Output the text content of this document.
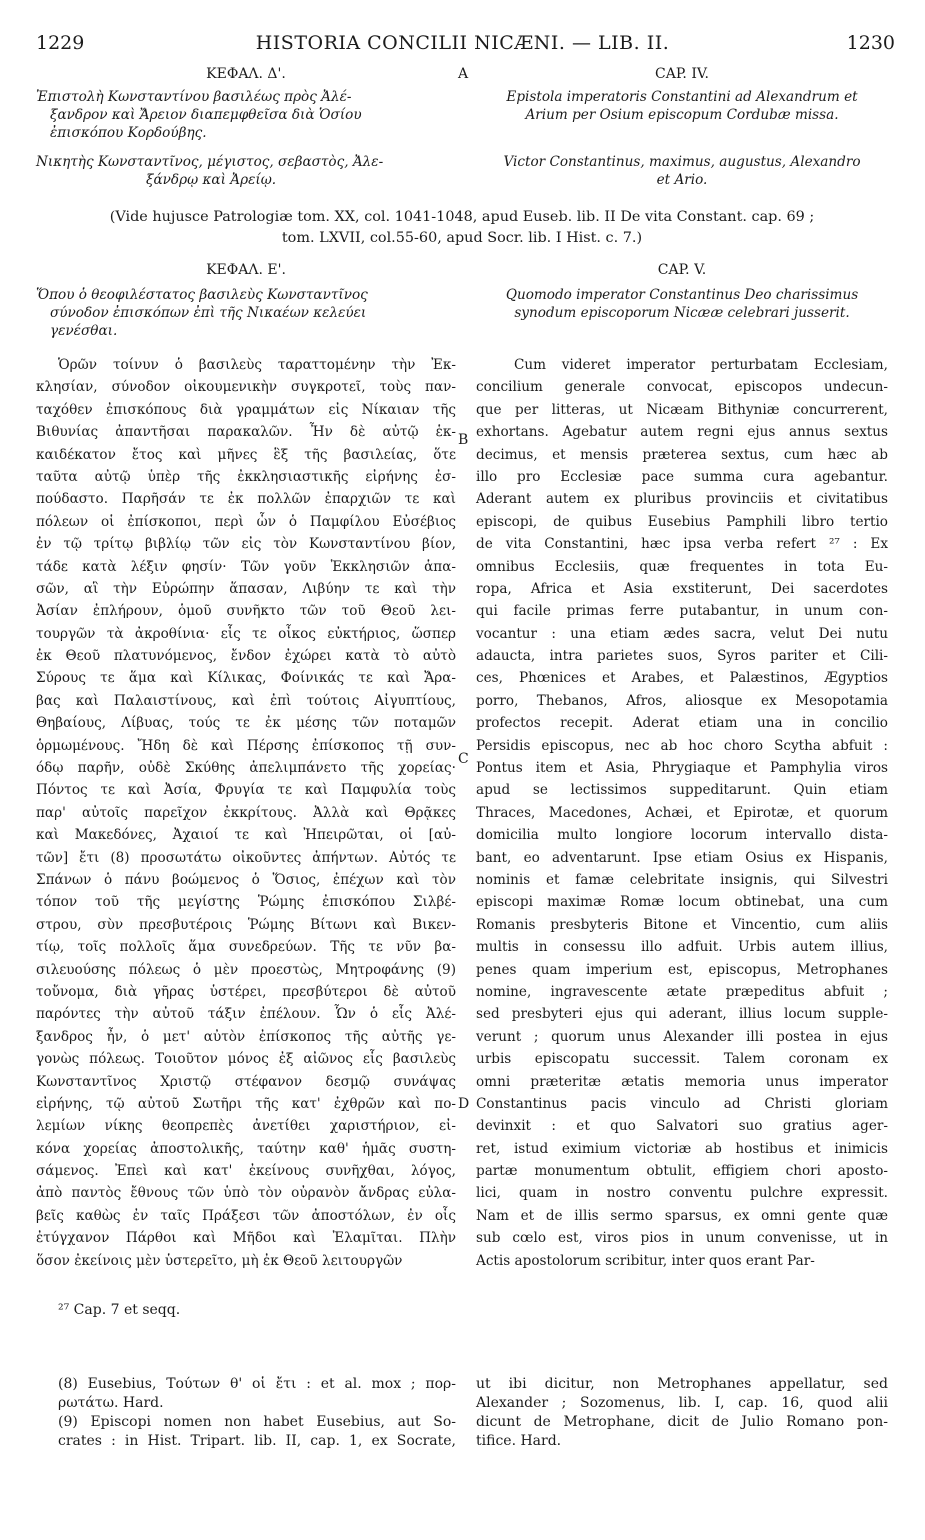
1229	HISTORIA CONCILII NICÆNI. — LIB. II.	1230
A
B
C
D
ΚΕΦΑΛ. Δ'.	CAP. IV.
Ἐπιστολὴ Κωνσταντίνου βασιλέως πρὸς Ἀλέ-
ξανδρον καὶ Ἄρειον διαπεμφθεῖσα διὰ Ὁσίου
ἐπισκόπου Κορδούβης.
Epistola imperatoris Constantini ad Alexandrum et
Arium per Osium episcopum Cordubæ missa.
Νικητὴς Κωνσταντῖνος, μέγιστος, σεβαστὸς, Ἀλε-
ξάνδρῳ καὶ Ἀρείῳ.
Victor Constantinus, maximus, augustus, Alexandro
et Ario.
(Vide hujusce Patrologiæ tom. XX, col. 1041-1048, apud Euseb. lib. II De vita Constant. cap. 69 ;
tom. LXVII, col.55-60, apud Socr. lib. I Hist. c. 7.)
ΚΕΦΑΛ. Ε'.	CAP. V.
Ὅπου ὁ θεοφιλέστατος βασιλεὺς Κωνσταντῖνος
σύνοδον ἐπισκόπων ἐπὶ τῆς Νικαέων κελεύει
γενέσθαι.
Quomodo imperator Constantinus Deo charissimus
synodum episcoporum Nicææ celebrari jusserit.
Ὁρῶν τοίνυν ὁ βασιλεὺς ταραττομένην τὴν Ἐκ-
κλησίαν, σύνοδον οἰκουμενικὴν συγκροτεῖ, τοὺς παν-
ταχόθεν ἐπισκόπους διὰ γραμμάτων εἰς Νίκαιαν τῆς
Βιθυνίας ἀπαντῆσαι παρακαλῶν. Ἦν δὲ αὐτῷ ἑκ-
καιδέκατον ἔτος καὶ μῆνες ἓξ τῆς βασιλείας, ὅτε
ταῦτα αὐτῷ ὑπὲρ τῆς ἐκκλησιαστικῆς εἰρήνης ἐσ-
πούδαστο. Παρῆσάν τε ἐκ πολλῶν ἐπαρχιῶν τε καὶ
πόλεων οἱ ἐπίσκοποι, περὶ ὧν ὁ Παμφίλου Εὐσέβιος
ἐν τῷ τρίτῳ βιβλίῳ τῶν εἰς τὸν Κωνσταντίνου βίον,
τάδε κατὰ λέξιν φησίν· Τῶν γοῦν Ἐκκλησιῶν ἁπα-
σῶν, αἳ τὴν Εὐρώπην ἅπασαν, Λιβύην τε καὶ τὴν
Ἀσίαν ἐπλήρουν, ὁμοῦ συνῆκτο τῶν τοῦ Θεοῦ λει-
τουργῶν τὰ ἀκροθίνια· εἷς τε οἶκος εὐκτήριος, ὥσπερ
ἐκ Θεοῦ πλατυνόμενος, ἔνδον ἐχώρει κατὰ τὸ αὐτὸ
Σύρους τε ἅμα καὶ Κίλικας, Φοίνικάς τε καὶ Ἄρα-
βας καὶ Παλαιστίνους, καὶ ἐπὶ τούτοις Αἰγυπτίους,
Θηβαίους, Λίβυας, τούς τε ἐκ μέσης τῶν ποταμῶν
ὁρμωμένους. Ἤδη δὲ καὶ Πέρσης ἐπίσκοπος τῇ συν-
όδῳ παρῆν, οὐδὲ Σκύθης ἀπελιμπάνετο τῆς χορείας·
Πόντος τε καὶ Ἀσία, Φρυγία τε καὶ Παμφυλία τοὺς
παρ' αὐτοῖς παρεῖχον ἐκκρίτους. Ἀλλὰ καὶ Θρᾷκες
καὶ Μακεδόνες, Ἀχαιοί τε καὶ Ἠπειρῶται, οἱ [αὐ-
τῶν] ἔτι (8) προσωτάτω οἰκοῦντες ἀπήντων. Αὐτός τε
Σπάνων ὁ πάνυ βοώμενος ὁ Ὅσιος, ἐπέχων καὶ τὸν
τόπον τοῦ τῆς μεγίστης Ῥώμης ἐπισκόπου Σιλβέ-
στρου, σὺν πρεσβυτέροις Ῥώμης Βίτωνι καὶ Βικεν-
τίῳ, τοῖς πολλοῖς ἅμα συνεδρεύων. Τῆς τε νῦν βα-
σιλευούσης πόλεως ὁ μὲν προεστὼς, Μητροφάνης (9)
τοὔνομα, διὰ γῆρας ὑστέρει, πρεσβύτεροι δὲ αὐτοῦ
παρόντες τὴν αὐτοῦ τάξιν ἐπέλουν. Ὧν ὁ εἷς Ἀλέ-
ξανδρος ἦν, ὁ μετ' αὐτὸν ἐπίσκοπος τῆς αὐτῆς γε-
γονὼς πόλεως. Τοιοῦτον μόνος ἐξ αἰῶνος εἷς βασιλεὺς
Κωνσταντῖνος Χριστῷ στέφανον δεσμῷ συνάψας
εἰρήνης, τῷ αὐτοῦ Σωτῆρι τῆς κατ' ἐχθρῶν καὶ πο-
λεμίων νίκης θεοπρεπὲς ἀνετίθει χαριστήριον, εἰ-
κόνα χορείας ἀποστολικῆς, ταύτην καθ' ἡμᾶς συστη-
σάμενος. Ἐπεὶ καὶ κατ' ἐκείνους συνῆχθαι, λόγος,
ἀπὸ παντὸς ἔθνους τῶν ὑπὸ τὸν οὐρανὸν ἄνδρας εὐλα-
βεῖς καθὼς ἐν ταῖς Πράξεσι τῶν ἀποστόλων, ἐν οἷς
ἐτύγχανον Πάρθοι καὶ Μῆδοι καὶ Ἐλαμῖται. Πλὴν
ὅσον ἐκείνοις μὲν ὑστερεῖτο, μὴ ἐκ Θεοῦ λειτουργῶν
Cum videret imperator perturbatam Ecclesiam,
concilium generale convocat, episcopos undecun-
que per litteras, ut Nicæam Bithyniæ concurrerent,
exhortans. Agebatur autem regni ejus annus sextus
decimus, et mensis præterea sextus, cum hæc ab
illo pro Ecclesiæ pace summa cura agebantur.
Aderant autem ex pluribus provinciis et civitatibus
episcopi, de quibus Eusebius Pamphili libro tertio
de vita Constantini, hæc ipsa verba refert ²⁷ : Ex
omnibus Ecclesiis, quæ frequentes in tota Eu-
ropa, Africa et Asia exstiterunt, Dei sacerdotes
qui facile primas ferre putabantur, in unum con-
vocantur : una etiam ædes sacra, velut Dei nutu
adaucta, intra parietes suos, Syros pariter et Cili-
ces, Phœnices et Arabes, et Palæstinos, Ægyptios
porro, Thebanos, Afros, aliosque ex Mesopotamia
profectos recepit. Aderat etiam una in concilio
Persidis episcopus, nec ab hoc choro Scytha abfuit :
Pontus item et Asia, Phrygiaque et Pamphylia viros
apud se lectissimos suppeditarunt. Quin etiam
Thraces, Macedones, Achæi, et Epirotæ, et quorum
domicilia multo longiore locorum intervallo dista-
bant, eo adventarunt. Ipse etiam Osius ex Hispanis,
nominis et famæ celebritate insignis, qui Silvestri
episcopi maximæ Romæ locum obtinebat, una cum
Romanis presbyteris Bitone et Vincentio, cum aliis
multis in consessu illo adfuit. Urbis autem illius,
penes quam imperium est, episcopus, Metrophanes
nomine, ingravescente ætate præpeditus abfuit ;
sed presbyteri ejus qui aderant, illius locum supple-
verunt ; quorum unus Alexander illi postea in ejus
urbis episcopatu successit. Talem coronam ex
omni præteritæ ætatis memoria unus imperator
Constantinus pacis vinculo ad Christi gloriam
devinxit : et quo Salvatori suo gratius ager-
ret, istud eximium victoriæ ab hostibus et inimicis
partæ monumentum obtulit, effigiem chori aposto-
lici, quam in nostro conventu pulchre expressit.
Nam et de illis sermo sparsus, ex omni gente quæ
sub cœlo est, viros pios in unum convenisse, ut in
Actis apostolorum scribitur, inter quos erant Par-
²⁷ Cap. 7 et seqq.
(8) Eusebius, Τούτων θ' οἱ ἔτι : et al. mox ; πορ-
ρωτάτω. Hard.
(9) Episcopi nomen non habet Eusebius, aut So-
crates : in Hist. Tripart. lib. II, cap. 1, ex Socrate,
ut ibi dicitur, non Metrophanes appellatur, sed
Alexander ; Sozomenus, lib. I, cap. 16, quod alii
dicunt de Metrophane, dicit de Julio Romano pon-
tifice. Hard.
